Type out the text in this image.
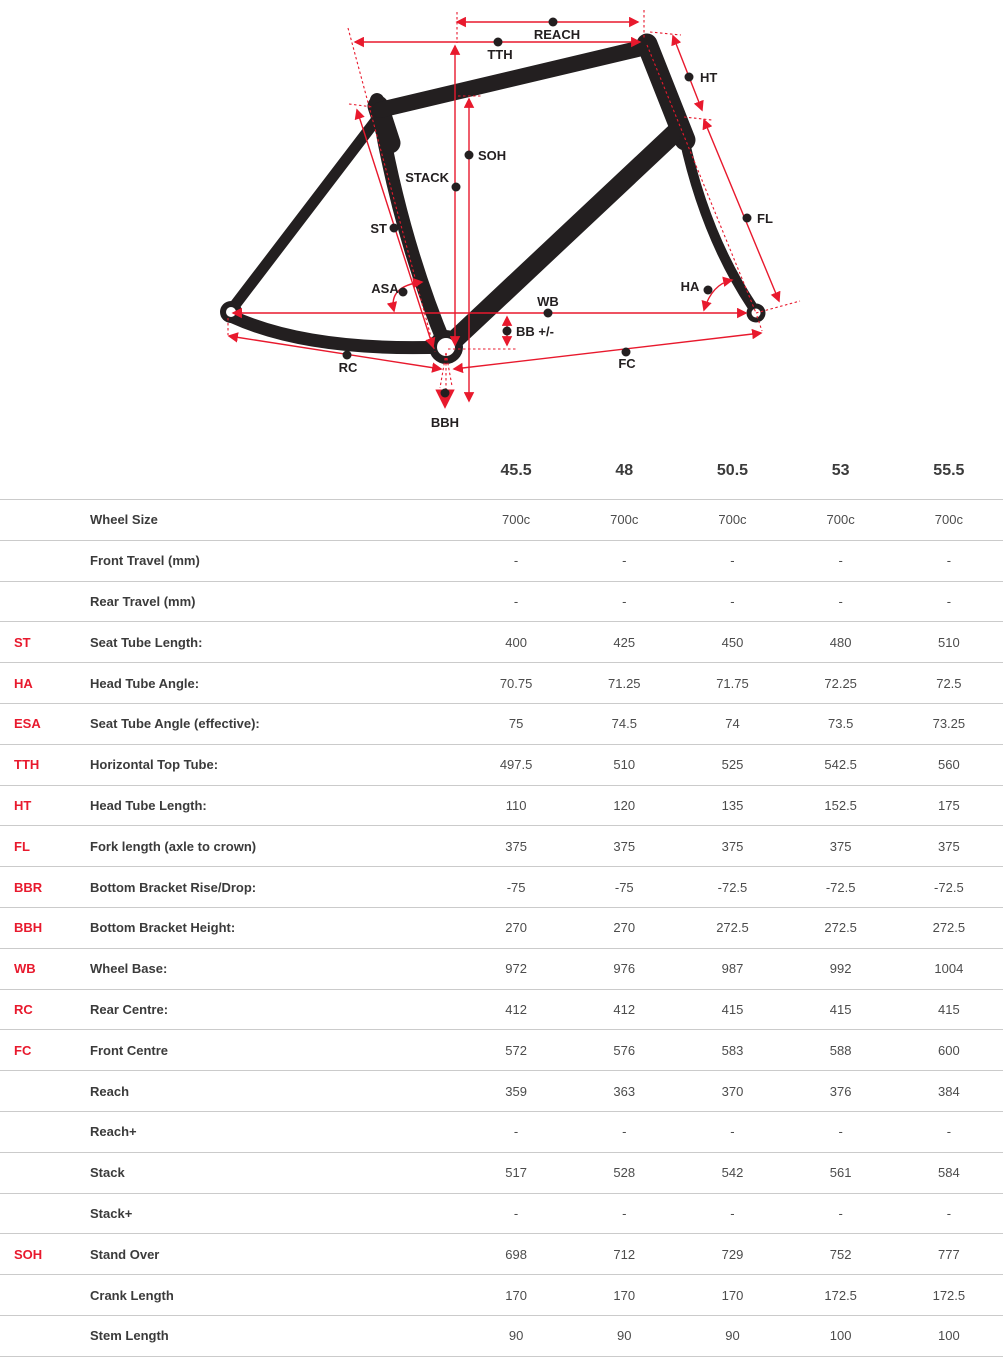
REACH
TTH
HT
SOH
STACK
ST
ASA	HA
WB
BB +/-
RC	FC
FL
BBH
		45.5	48	50.5	53	55.5
	Wheel Size	700c	700c	700c	700c	700c
	Front Travel (mm)	-	-	-	-	-
	Rear Travel (mm)	-	-	-	-	-
ST	Seat Tube Length:	400	425	450	480	510
HA	Head Tube Angle:	70.75	71.25	71.75	72.25	72.5
ESA	Seat Tube Angle (effective):	75	74.5	74	73.5	73.25
TTH	Horizontal Top Tube:	497.5	510	525	542.5	560
HT	Head Tube Length:	110	120	135	152.5	175
FL	Fork length (axle to crown)	375	375	375	375	375
BBR	Bottom Bracket Rise/Drop:	-75	-75	-72.5	-72.5	-72.5
BBH	Bottom Bracket Height:	270	270	272.5	272.5	272.5
WB	Wheel Base:	972	976	987	992	1004
RC	Rear Centre:	412	412	415	415	415
FC	Front Centre	572	576	583	588	600
	Reach	359	363	370	376	384
	Reach+	-	-	-	-	-
	Stack	517	528	542	561	584
	Stack+	-	-	-	-	-
SOH	Stand Over	698	712	729	752	777
	Crank Length	170	170	170	172.5	172.5
	Stem Length	90	90	90	100	100
